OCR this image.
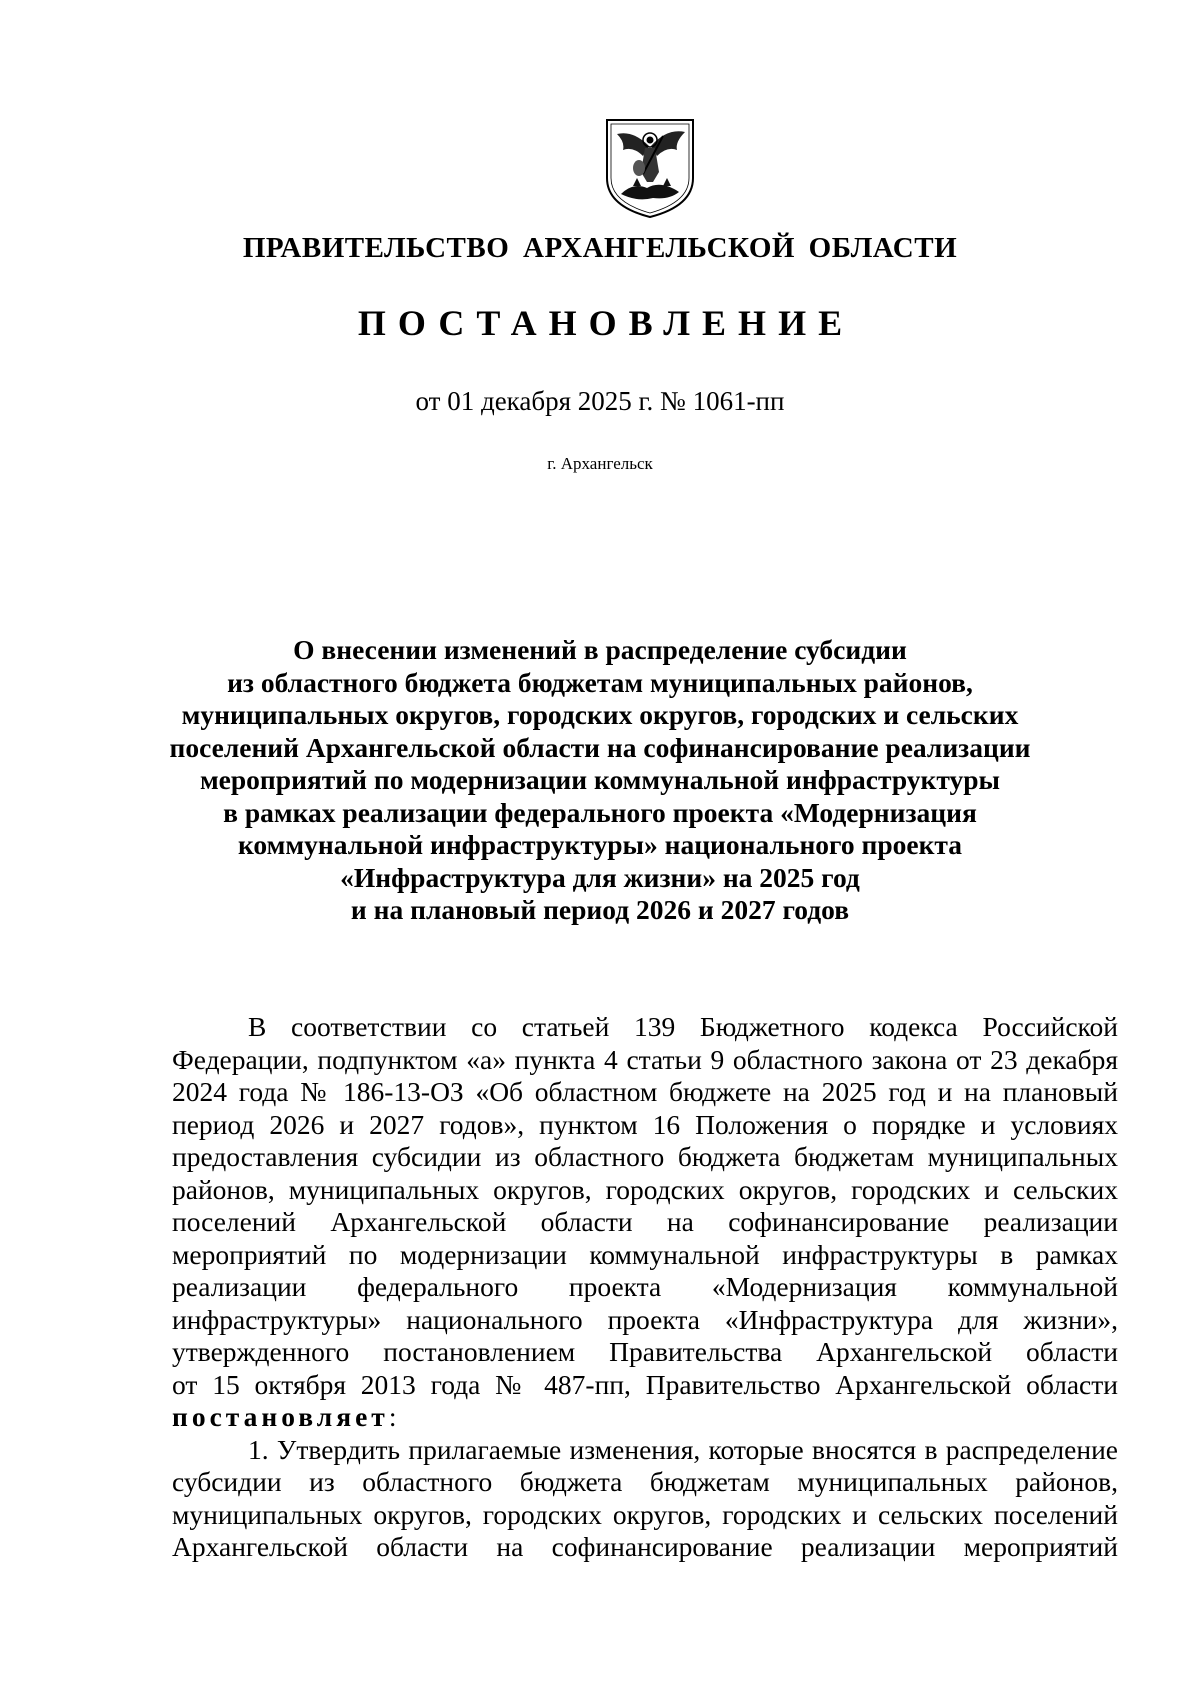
ПРАВИТЕЛЬСТВО АРХАНГЕЛЬСКОЙ ОБЛАСТИ
ПОСТАНОВЛЕНИЕ
от 01 декабря 2025 г. № 1061-пп
г. Архангельск
О внесении изменений в распределение субсидии
из областного бюджета бюджетам муниципальных районов,
муниципальных округов, городских округов, городских и сельских
поселений Архангельской области на софинансирование реализации
мероприятий по модернизации коммунальной инфраструктуры
в рамках реализации федерального проекта «Модернизация
коммунальной инфраструктуры» национального проекта
«Инфраструктура для жизни» на 2025 год
и на плановый период 2026 и 2027 годов
В соответствии со статьей 139 Бюджетного кодекса Российской
Федерации, подпунктом «а» пункта 4 статьи 9 областного закона от 23 декабря
2024 года № 186-13-ОЗ «Об областном бюджете на 2025 год и на плановый
период 2026 и 2027 годов», пунктом 16 Положения о порядке и условиях
предоставления субсидии из областного бюджета бюджетам муниципальных
районов, муниципальных округов, городских округов, городских и сельских
поселений Архангельской области на софинансирование реализации
мероприятий по модернизации коммунальной инфраструктуры в рамках
реализации федерального проекта «Модернизация коммунальной
инфраструктуры» национального проекта «Инфраструктура для жизни»,
утвержденного постановлением Правительства Архангельской области
от 15 октября 2013 года № 487-пп, Правительство Архангельской области
постановляет:
1. Утвердить прилагаемые изменения, которые вносятся в распределение
субсидии из областного бюджета бюджетам муниципальных районов,
муниципальных округов, городских округов, городских и сельских поселений
Архангельской области на софинансирование реализации мероприятий
